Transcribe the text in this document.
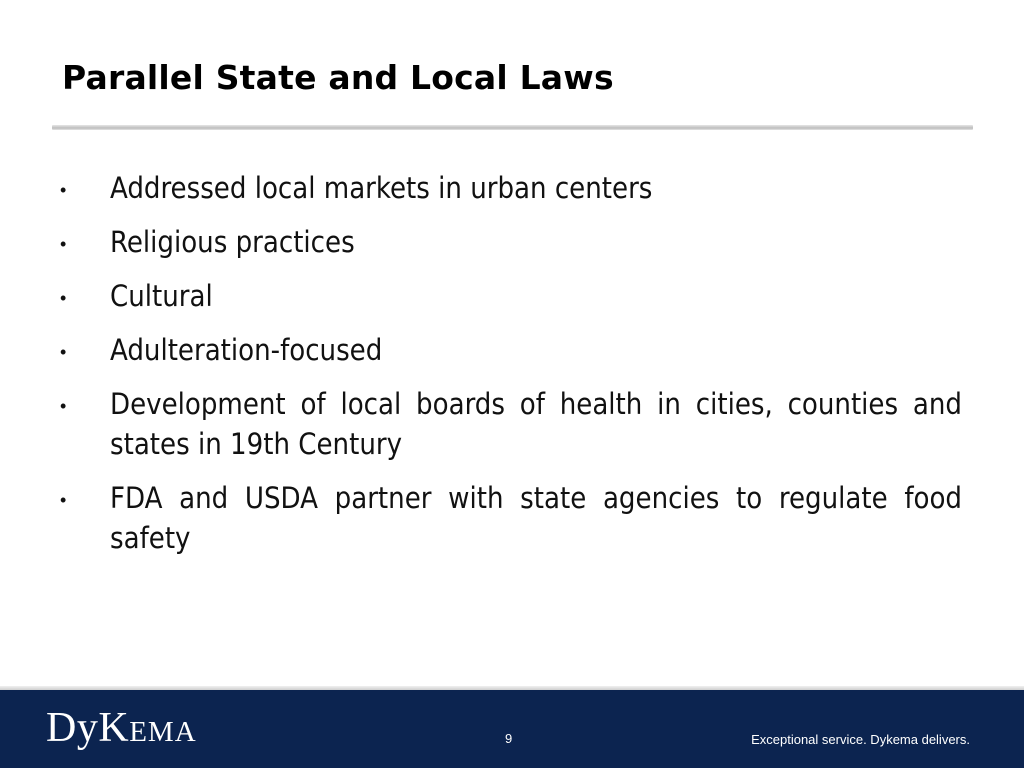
Parallel State and Local Laws
• Addressed local markets in urban centers
• Religious practices
• Cultural
• Adulteration-focused
• Development of local boards of health in cities, counties and states in 19th Century
• FDA and USDA partner with state agencies to regulate food safety
DyKEMA	9	Exceptional service. Dykema delivers.
